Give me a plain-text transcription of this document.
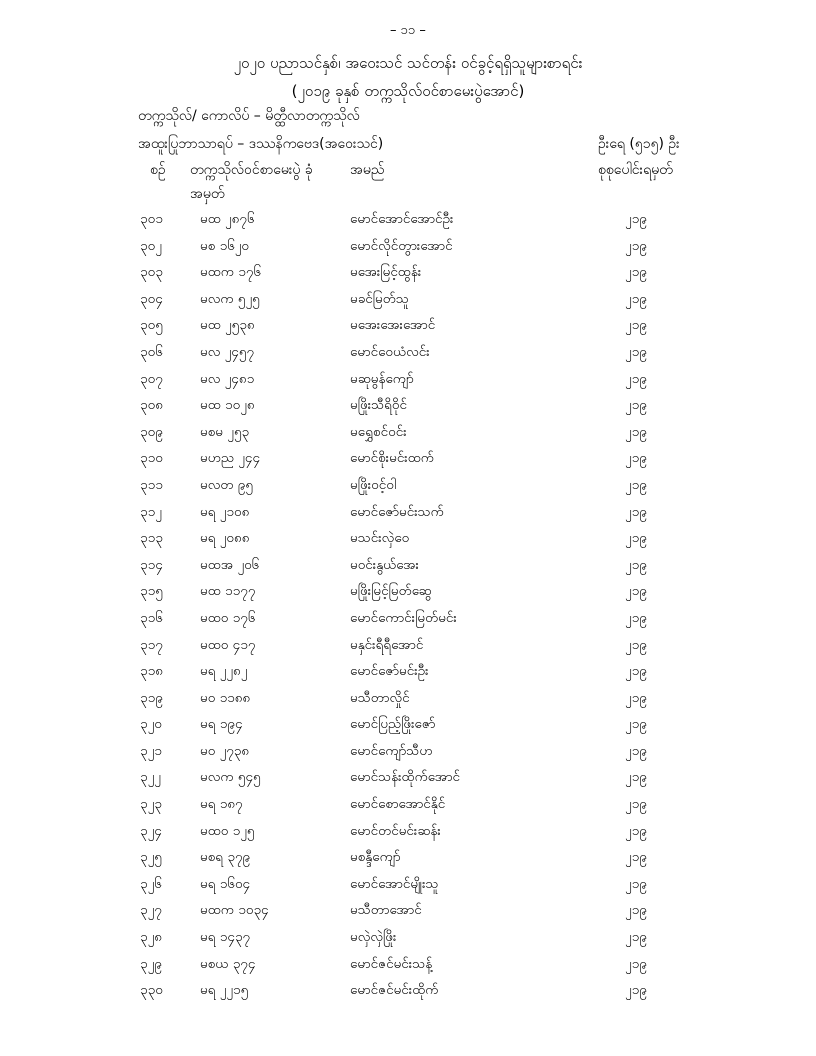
– ၁၁ –
၂၀၂၀ ပညာသင်နှစ်၊ အဝေးသင် သင်တန်း ဝင်ခွင့်ရရှိသူများစာရင်း
(၂၀၁၉ ခုနှစ် တက္ကသိုလ်ဝင်စာမေးပွဲအောင်)
တက္ကသိုလ်/ ကောလိပ် – မိတ္ထီလာတက္ကသိုလ်
အထူးပြုဘာသာရပ် – ဒဿနိကဗေဒ(အဝေးသင်)	ဦးရေ (၅၁၅) ဦး
စဉ် တက္ကသိုလ်ဝင်စာမေးပွဲ ခုံအမှတ်
အမည်	စုစုပေါင်းရမှတ်
၃၀၁	မထ ၂၈၇၆	မောင်အောင်အောင်ဦး	၂၁၉
၃၀၂	မစ ၁၆၂၀	မောင်လိုင်တွားအောင်	၂၁၉
၃၀၃	မထက ၁၇၆	မအေးမြင့်ထွန်း	၂၁၉
၃၀၄	မလက ၅၂၅	မခင်မြတ်သူ	၂၁၉
၃၀၅	မထ ၂၅၃၈	မအေးအေးအောင်	၂၁၉
၃၀၆	မလ ၂၄၅၇	မောင်ဝေယံလင်း	၂၁၉
၃၀၇	မလ ၂၄၈၁	မဆုမွန်ကျော်	၂၁၉
၃၀၈	မထ ၁၀၂၈	မဖြိုးသီရိဝိုင်	၂၁၉
၃၀၉	မစမ ၂၅၃	မရွှေစင်ဝင်း	၂၁၉
၃၁၀	မဟည ၂၄၄	မောင်စိုးမင်းထက်	၂၁၉
၃၁၁	မလတ ၉၅	မဖြိုးဝင့်ဝါ	၂၁၉
၃၁၂	မရ ၂၁၀၈	မောင်ဇော်မင်းသက်	၂၁၉
၃၁၃	မရ ၂၀၈၈	မသင်းလှဲဝေ	၂၁၉
၃၁၄	မထအ ၂၀၆	မဝင်းနွယ်အေး	၂၁၉
၃၁၅	မထ ၁၁၇၇	မဖြိုးမြင့်မြတ်ဆွေ	၂၁၉
၃၁၆	မထဝ ၁၇၆	မောင်ကောင်းမြတ်မင်း	၂၁၉
၃၁၇	မထဝ ၄၁၇	မနှင်းရီရီအောင်	၂၁၉
၃၁၈	မရ ၂၂၈၂	မောင်ဇော်မင်းဦး	၂၁၉
၃၁၉	မဝ ၁၁၈၈	မသီတာလှိုင်	၂၁၉
၃၂၀	မရ ၁၉၄	မောင်ပြည့်ဖြိုးဇော်	၂၁၉
၃၂၁	မဝ ၂၇၃၈	မောင်ကျော်သီဟ	၂၁၉
၃၂၂	မလက ၅၄၅	မောင်သန်းထိုက်အောင်	၂၁၉
၃၂၃	မရ ၁၈၇	မောင်စောအောင်နိုင်	၂၁၉
၃၂၄	မထဝ ၁၂၅	မောင်တင်မင်းဆန်း	၂၁၉
၃၂၅	မစရ ၃၇၉	မစန္ဒီကျော်	၂၁၉
၃၂၆	မရ ၁၆၀၄	မောင်အောင်မျိုးသူ	၂၁၉
၃၂၇	မထက ၁၀၃၄	မသီတာအောင်	၂၁၉
၃၂၈	မရ ၁၄၃၇	မလှဲလှဲဖြိုး	၂၁၉
၃၂၉	မစယ ၃၇၄	မောင်ဇင်မင်းသန့်	၂၁၉
၃၃၀	မရ ၂၂၁၅	မောင်ဇင်မင်းထိုက်	၂၁၉
